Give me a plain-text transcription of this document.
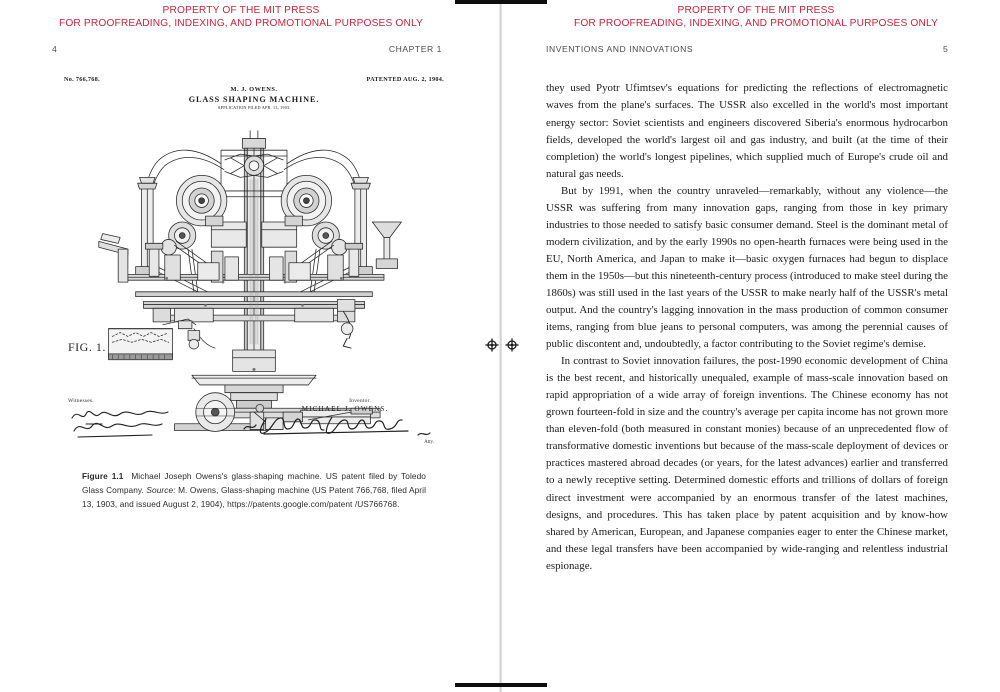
PROPERTY OF THE MIT PRESS
FOR PROOFREADING, INDEXING, AND PROMOTIONAL PURPOSES ONLY
4	CHAPTER 1
No. 766,768.	PATENTED AUG. 2, 1904.
M. J. OWENS.
GLASS SHAPING MACHINE.
APPLICATION FILED APR. 13, 1903.
FIG. 1.
Witnesses.	Inventor.
MICHAEL J. OWENS.
Atty.
Figure 1.1 Michael Joseph Owens's glass-shaping machine. US patent filed by Toledo Glass Company. Source: M. Owens, Glass-shaping machine (US Patent 766,768, filed April 13, 1903, and issued August 2, 1904), https://patents.google.com/patent /US766768.
PROPERTY OF THE MIT PRESS
FOR PROOFREADING, INDEXING, AND PROMOTIONAL PURPOSES ONLY
INVENTIONS AND INNOVATIONS	5

they used Pyotr Ufimtsev's equations for predicting the reflections of electromagnetic waves from the plane's surfaces. The USSR also excelled in the world's most important energy sector: Soviet scientists and engineers discovered Siberia's enormous hydrocarbon fields, developed the world's largest oil and gas industry, and built (at the time of their completion) the world's longest pipelines, which supplied much of Europe's crude oil and natural gas needs.

But by 1991, when the country unraveled—remarkably, without any violence—the USSR was suffering from many innovation gaps, ranging from those in key primary industries to those needed to satisfy basic consumer demand. Steel is the dominant metal of modern civilization, and by the early 1990s no open-hearth furnaces were being used in the EU, North America, and Japan to make it—basic oxygen furnaces had begun to displace them in the 1950s—but this nineteenth-century process (introduced to make steel during the 1860s) was still used in the last years of the USSR to make nearly half of the USSR's metal output. And the country's lagging innovation in the mass production of common consumer items, ranging from blue jeans to personal computers, was among the perennial causes of public discontent and, undoubtedly, a factor contributing to the Soviet regime's demise.

In contrast to Soviet innovation failures, the post-1990 economic development of China is the best recent, and historically unequaled, example of mass-scale innovation based on rapid appropriation of a wide array of foreign inventions. The Chinese economy has not grown fourteen-fold in size and the country's average per capita income has not grown more than eleven-fold (both measured in constant monies) because of an unprecedented flow of transformative domestic inventions but because of the mass-scale deployment of devices or practices mastered abroad decades (or years, for the latest advances) earlier and transferred to a newly receptive setting. Determined domestic efforts and trillions of dollars of foreign direct investment were accompanied by an enormous transfer of the latest machines, designs, and procedures. This has taken place by patent acquisition and by know-how shared by American, European, and Japanese companies eager to enter the Chinese market, and these legal transfers have been accompanied by wide-ranging and relentless industrial espionage.
